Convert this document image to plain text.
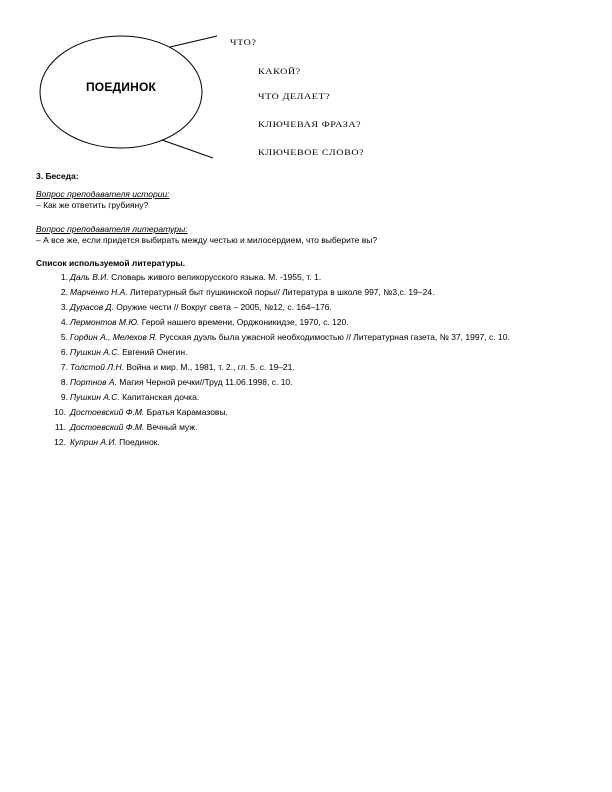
ПОЕДИНОК
ЧТО?
КАКОЙ?
ЧТО ДЕЛАЕТ?
КЛЮЧЕВАЯ ФРАЗА?
КЛЮЧЕВОЕ СЛОВО?
3. Беседа:
Вопрос преподавателя истории:
– Как же ответить грубияну?
Вопрос преподавателя литературы:
– А все же, если придется выбирать между честью и милосердием, что выберите вы?
Список используемой литературы.
1. Даль В.И. Словарь живого великорусского языка. М. -1955, т. 1.
2. Марченко Н.А. Литературный быт пушкинской поры// Литература в школе 997, №3,с. 19–24.
3. Дурасов Д. Оружие чести // Вокруг света – 2005, №12, с. 164–176.
4. Лермонтов М.Ю. Герой нашего времени, Орджоникидзе, 1970, с. 120.
5. Гордин А., Мелехов Я. Русская дуэль была ужасной необходимостью // Литературная газета, № 37, 1997, с. 10.
6. Пушкин А.С. Евгений Онегин.
7. Толстой Л.Н. Война и мир. М., 1981, т. 2., гл. 5. с. 19–21.
8. Портнов А. Магия Черной речки//Труд 11.06.1998, с. 10.
9. Пушкин А.С. Капитанская дочка.
10. Достоевский Ф.М. Братья Карамазовы.
11. Достоевский Ф.М. Вечный муж.
12. Куприн А.И. Поединок.
